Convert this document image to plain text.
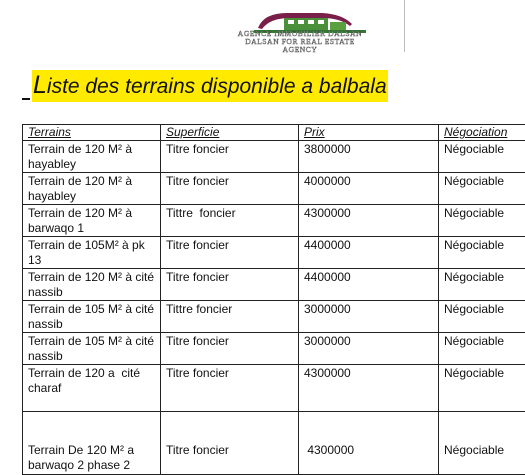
AGENCE IMMOBILIER DALSAN
DALSAN FOR REAL ESTATE
AGENCY
Liste des terrains disponible a balbala
Terrains	Superficie	Prix	Négociation
Terrain de 120 M² à hayabley	Titre foncier	3800000	Négociable
Terrain de 120 M² à hayabley	Titre foncier	4000000	Négociable
Terrain de 120 M² à barwaqo 1	Tittre  foncier	4300000	Négociable
Terrain de 105M² à pk 13	Titre foncier	4400000	Négociable
Terrain de 120 M² à cité nassib	Titre foncier	4400000	Négociable
Terrain de 105 M² à cité nassib	Tittre foncier	3000000	Négociable
Terrain de 105 M² à cité nassib	Titre foncier	3000000	Négociable
Terrain de 120 a  cité charaf	Titre foncier	4300000	Négociable
Terrain De 120 M² a barwaqo 2 phase 2	Titre foncier	4300000	Négociable
